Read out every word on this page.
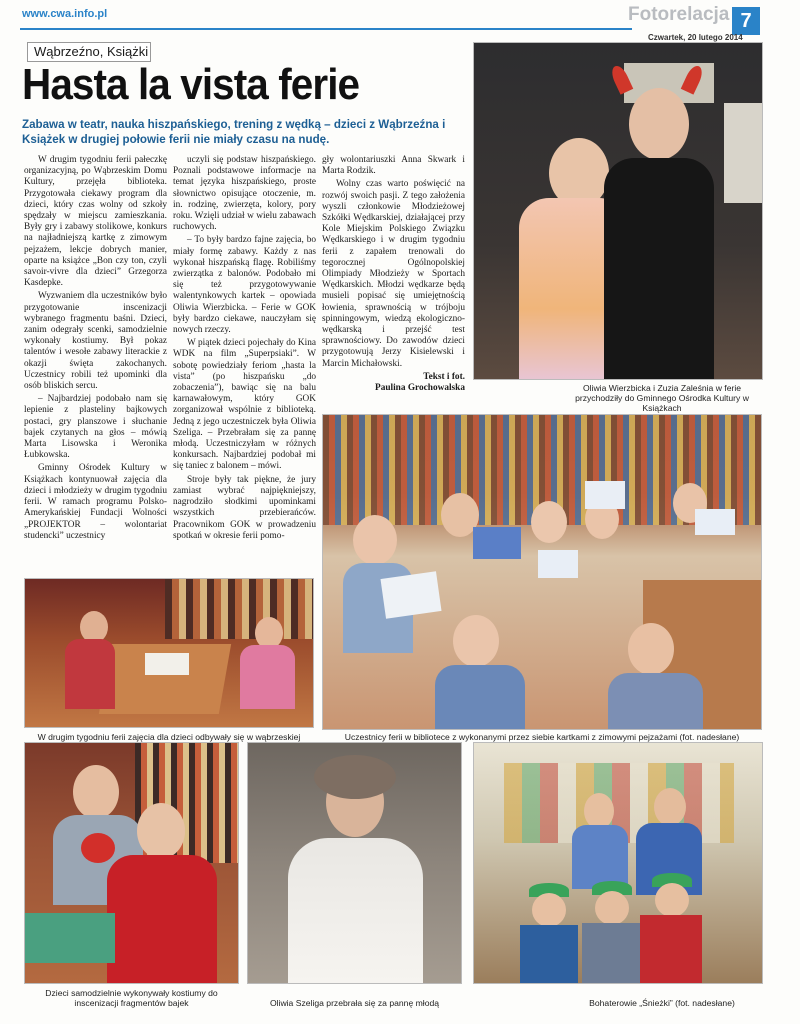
www.cwa.info.pl	Fotorelacja 7
Czwartek, 20 lutego 2014
Wąbrzeźno, Książki
Hasta la vista ferie
Zabawa w teatr, nauka hiszpańskiego, trening z wędką – dzieci z Wąbrzeźna i Książek w drugiej połowie ferii nie miały czasu na nudę.

W drugim tygodniu ferii pałeczkę organizacyjną, po Wąbrzeskim Domu Kultury, przejęła biblioteka. Przygotowała ciekawy program dla dzieci, który czas wolny od szkoły spędzały w miejscu zamieszkania. Były gry i zabawy stolikowe, konkurs na najładniejszą kartkę z zimowym pejzażem, lekcje dobrych manier, oparte na książce „Bon czy ton, czyli savoir-vivre dla dzieci” Grzegorza Kasdepke.

Wyzwaniem dla uczestników było przygotowanie inscenizacji wybranego fragmentu baśni. Dzieci, zanim odegrały scenki, samodzielnie wykonały kostiumy. Był pokaz talentów i wesołe zabawy literackie z okazji święta zakochanych. Uczestnicy robili też upominki dla osób bliskich sercu.

– Najbardziej podobało nam się lepienie z plasteliny bajkowych postaci, gry planszowe i słuchanie bajek czytanych na głos – mówią Marta Lisowska i Weronika Łubkowska.

Gminny Ośrodek Kultury w Książkach kontynuował zajęcia dla dzieci i młodzieży w drugim tygodniu ferii. W ramach programu Polsko-Amerykańskiej Fundacji Wolności „PROJEKTOR – wolontariat studencki” uczestnicy

uczyli się podstaw hiszpańskiego. Poznali podstawowe informacje na temat języka hiszpańskiego, proste słownictwo opisujące otoczenie, m. in. rodzinę, zwierzęta, kolory, pory roku. Wzięli udział w wielu zabawach ruchowych.

– To były bardzo fajne zajęcia, bo miały formę zabawy. Każdy z nas wykonał hiszpańską flagę. Robiliśmy zwierzątka z balonów. Podobało mi się też przygotowywanie walentynkowych kartek – opowiada Oliwia Wierzbicka. – Ferie w GOK były bardzo ciekawe, nauczyłam się nowych rzeczy.

W piątek dzieci pojechały do Kina WDK na film „Superpsiaki”. W sobotę powiedziały feriom „hasta la vista” (po hiszpańsku „do zobaczenia”), bawiąc się na balu karnawałowym, który GOK zorganizował wspólnie z biblioteką. Jedną z jego uczestniczek była Oliwia Szeliga. – Przebrałam się za pannę młodą. Uczestniczyłam w różnych konkursach. Najbardziej podobał mi się taniec z balonem – mówi.

Stroje były tak piękne, że jury zamiast wybrać najpiękniejszy, nagrodziło słodkimi upominkami wszystkich przebierańców. Pracownikom GOK w prowadzeniu spotkań w okresie ferii pomo-

gły wolontariuszki Anna Skwark i Marta Rodzik.

Wolny czas warto poświęcić na rozwój swoich pasji. Z tego założenia wyszli członkowie Młodzieżowej Szkółki Wędkarskiej, działającej przy Kole Miejskim Polskiego Związku Wędkarskiego i w drugim tygodniu ferii z zapałem trenowali do tegorocznej Ogólnopolskiej Olimpiady Młodzieży w Sportach Wędkarskich. Młodzi wędkarze będą musieli popisać się umiejętnością łowienia, sprawnością w trójboju spinningowym, wiedzą ekologiczno-wędkarską i przejść test sprawnościowy. Do zawodów dzieci przygotowują Jerzy Kisielewski i Marcin Michałowski.

Tekst i fot.
Paulina Grochowalska	Oliwia Wierzbicka i Zuzia Zaleśnia w ferie przychodziły do Gminnego Ośrodka Kultury w Książkach
Uczestnicy ferii w bibliotece z wykonanymi przez siebie kartkami z zimowymi pejzażami (fot. nadesłane)
W drugim tygodniu ferii zajęcia dla dzieci odbywały się w wąbrzeskiej
Dzieci samodzielnie wykonywały kostiumy do inscenizacji fragmentów bajek	Oliwia Szeliga przebrała się za pannę młodą	Bohaterowie „Śnieżki” (fot. nadesłane)
